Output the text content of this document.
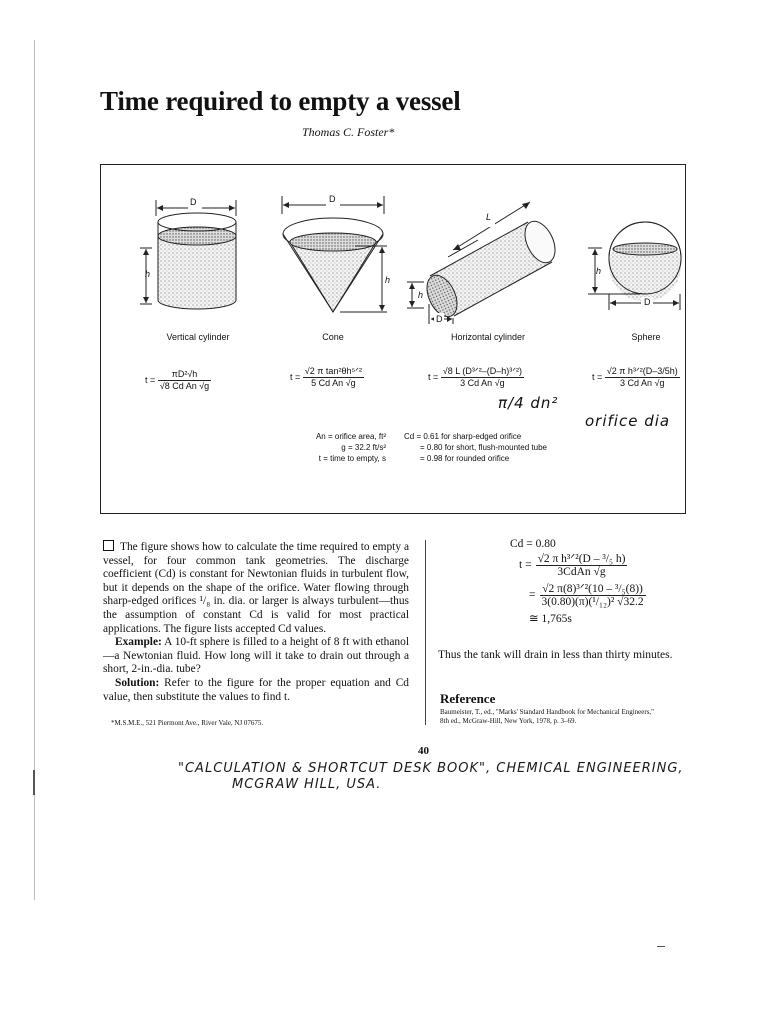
Time required to empty a vessel
Thomas C. Foster*
D
h
D
h
L
D
h
h
D
Vertical cylinder	Cone	Horizontal cylinder	Sphere
$t = \frac{\text{πD²√h}}{\text{√8 Cd An √g}}$	$t = \frac{\text{√2 π tan²θh⁵ᐟ²}}{\text{5 Cd An √g}}$	$t = \frac{\text{√8 L (D³ᐟ²–(D–h)³ᐟ²)}}{\text{3 Cd An √g}}$	$t = \frac{\text{√2 π h³ᐟ²(D–3/5h)}}{\text{3 Cd An √g}}$
π/4 dn²
orifice dia
An = orifice area, ft²
g = 32.2 ft/s²
t = time to empty, s
Cd = 0.61 for sharp-edged orifice
= 0.80 for short, flush-mounted tube
= 0.98 for rounded orifice

The figure shows how to calculate the time required to empty a vessel, for four common tank geometries. The discharge coefficient (Cd) is constant for Newtonian fluids in turbulent flow, but it depends on the shape of the orifice. Water flowing through sharp-edged orifices ¹/₈ in. dia. or larger is always turbulent—thus the assumption of constant Cd is valid for most practical applications. The figure lists accepted Cd values.

Example: A 10-ft sphere is filled to a height of 8 ft with ethanol—a Newtonian fluid. How long will it take to drain out through a short, 2-in.-dia. tube?

Solution: Refer to the figure for the proper equation and Cd value, then substitute the values to find t.

*M.S.M.E., 521 Piermont Ave., River Vale, NJ 07675.
Cd = 0.80
$t = \frac{\text{√2 π h³ᐟ²(D – ³/₅ h)}}{\text{3CdAn √g}}$
= $\frac{\text{√2 π(8)³ᐟ²(10 – ³/₅(8))}}{\text{3(0.80)(π)(¹/₁₂)² √32.2}}$
≅ 1,765s
Thus the tank will drain in less than thirty minutes.
Reference
Baumeister, T., ed., "Marks' Standard Handbook for Mechanical Engineers,"
8th ed., McGraw-Hill, New York, 1978, p. 3–69.
40
"CALCULATION & SHORTCUT DESK BOOK", CHEMICAL ENGINEERING,
MCGRAW HILL, USA.
